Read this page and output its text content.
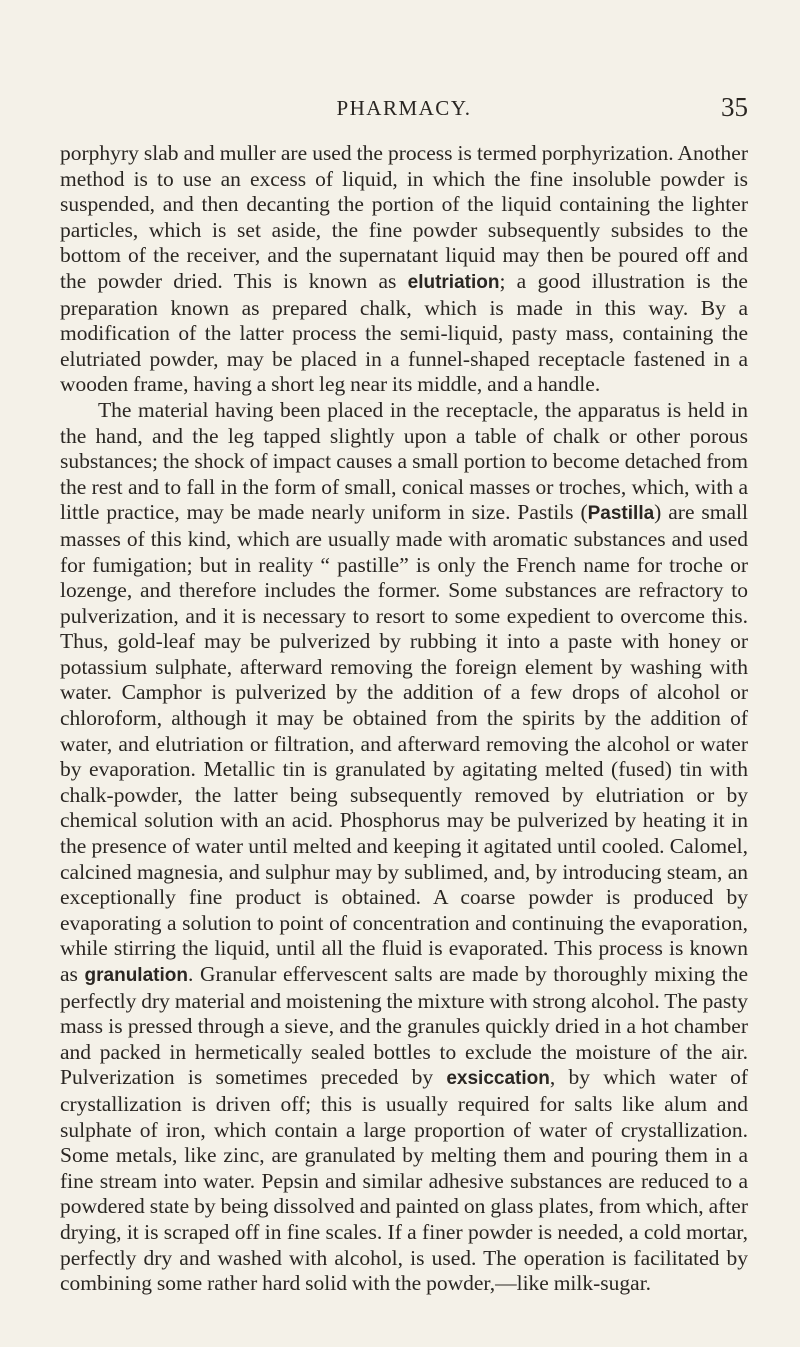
PHARMACY.	35

porphyry slab and muller are used the process is termed porphyrization. Another method is to use an excess of liquid, in which the fine insoluble powder is suspended, and then decanting the portion of the liquid containing the lighter particles, which is set aside, the fine powder subsequently subsides to the bottom of the receiver, and the supernatant liquid may then be poured off and the powder dried. This is known as elutriation; a good illustration is the preparation known as prepared chalk, which is made in this way. By a modification of the latter process the semi-liquid, pasty mass, containing the elutriated powder, may be placed in a funnel-shaped receptacle fastened in a wooden frame, having a short leg near its middle, and a handle.

The material having been placed in the receptacle, the apparatus is held in the hand, and the leg tapped slightly upon a table of chalk or other porous substances; the shock of impact causes a small portion to become detached from the rest and to fall in the form of small, conical masses or troches, which, with a little practice, may be made nearly uniform in size. Pastils (Pastilla) are small masses of this kind, which are usually made with aromatic substances and used for fumigation; but in reality “ pastille” is only the French name for troche or lozenge, and therefore includes the former. Some substances are refractory to pulverization, and it is necessary to resort to some expedient to overcome this. Thus, gold-leaf may be pulverized by rubbing it into a paste with honey or potassium sulphate, afterward removing the foreign element by washing with water. Camphor is pulverized by the addition of a few drops of alcohol or chloroform, although it may be obtained from the spirits by the addition of water, and elutriation or filtration, and afterward removing the alcohol or water by evaporation. Metallic tin is granulated by agitating melted (fused) tin with chalk-powder, the latter being subsequently removed by elutriation or by chemical solution with an acid. Phosphorus may be pulverized by heating it in the presence of water until melted and keeping it agitated until cooled. Calomel, calcined magnesia, and sulphur may by sublimed, and, by introducing steam, an exceptionally fine product is obtained. A coarse powder is produced by evaporating a solution to point of concentration and continuing the evaporation, while stirring the liquid, until all the fluid is evaporated. This process is known as granulation. Granular effervescent salts are made by thoroughly mixing the perfectly dry material and moistening the mixture with strong alcohol. The pasty mass is pressed through a sieve, and the granules quickly dried in a hot chamber and packed in hermetically sealed bottles to exclude the moisture of the air. Pulverization is sometimes preceded by exsiccation, by which water of crystallization is driven off; this is usually required for salts like alum and sulphate of iron, which contain a large proportion of water of crystallization. Some metals, like zinc, are granulated by melting them and pouring them in a fine stream into water. Pepsin and similar adhesive substances are reduced to a powdered state by being dissolved and painted on glass plates, from which, after drying, it is scraped off in fine scales. If a finer powder is needed, a cold mortar, perfectly dry and washed with alcohol, is used. The operation is facilitated by combining some rather hard solid with the powder,—like milk-sugar.
